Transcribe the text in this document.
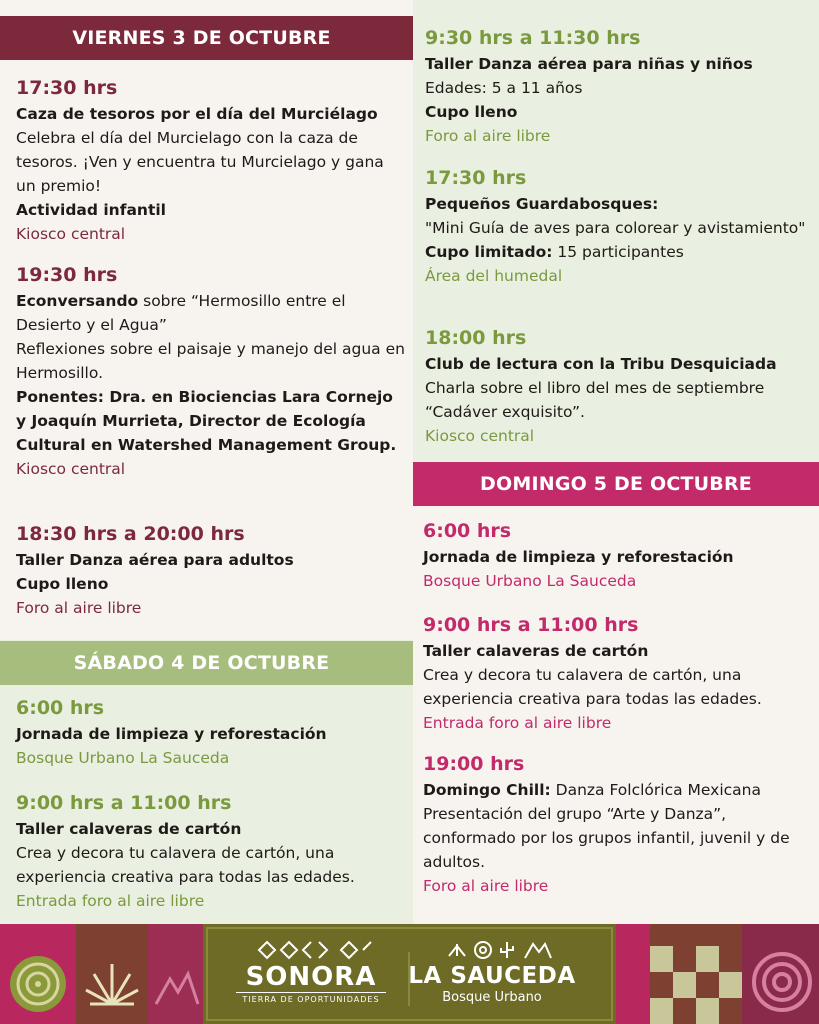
VIERNES 3 DE OCTUBRE
17:30 hrs
Caza de tesoros por el día del Murciélago
Celebra el día del Murcielago con la caza de tesoros. ¡Ven y encuentra tu Murcielago y gana un premio!
Actividad infantil
Kiosco central
19:30 hrs
Econversando sobre “Hermosillo entre el Desierto y el Agua”
Reflexiones sobre el paisaje y manejo del agua en Hermosillo.
Ponentes: Dra. en Biociencias Lara Cornejo y Joaquín Murrieta, Director de Ecología Cultural en Watershed Management Group.
Kiosco central
18:30 hrs a 20:00 hrs
Taller Danza aérea para adultos
Cupo lleno
Foro al aire libre
SÁBADO 4 DE OCTUBRE
6:00 hrs
Jornada de limpieza y reforestación
Bosque Urbano La Sauceda
9:00 hrs a 11:00 hrs
Taller calaveras de cartón
Crea y decora tu calavera de cartón, una experiencia creativa para todas las edades.
Entrada foro al aire libre
9:30 hrs a 11:30 hrs
Taller Danza aérea para niñas y niños
Edades: 5 a 11 años
Cupo lleno
Foro al aire libre
17:30 hrs
Pequeños Guardabosques:
"Mini Guía de aves para colorear y avistamiento"
Cupo limitado: 15 participantes
Área del humedal
18:00 hrs
Club de lectura con la Tribu Desquiciada
Charla sobre el libro del mes de septiembre “Cadáver exquisito”.
Kiosco central
DOMINGO 5 DE OCTUBRE
6:00 hrs
Jornada de limpieza y reforestación
Bosque Urbano La Sauceda
9:00 hrs a 11:00 hrs
Taller calaveras de cartón
Crea y decora tu calavera de cartón, una experiencia creativa para todas las edades.
Entrada foro al aire libre
19:00 hrs
Domingo Chill: Danza Folclórica Mexicana
Presentación del grupo “Arte y Danza”, conformado por los grupos infantil, juvenil y de adultos.
Foro al aire libre
SONORA
TIERRA DE OPORTUNIDADES
LA SAUCEDA
Bosque Urbano
